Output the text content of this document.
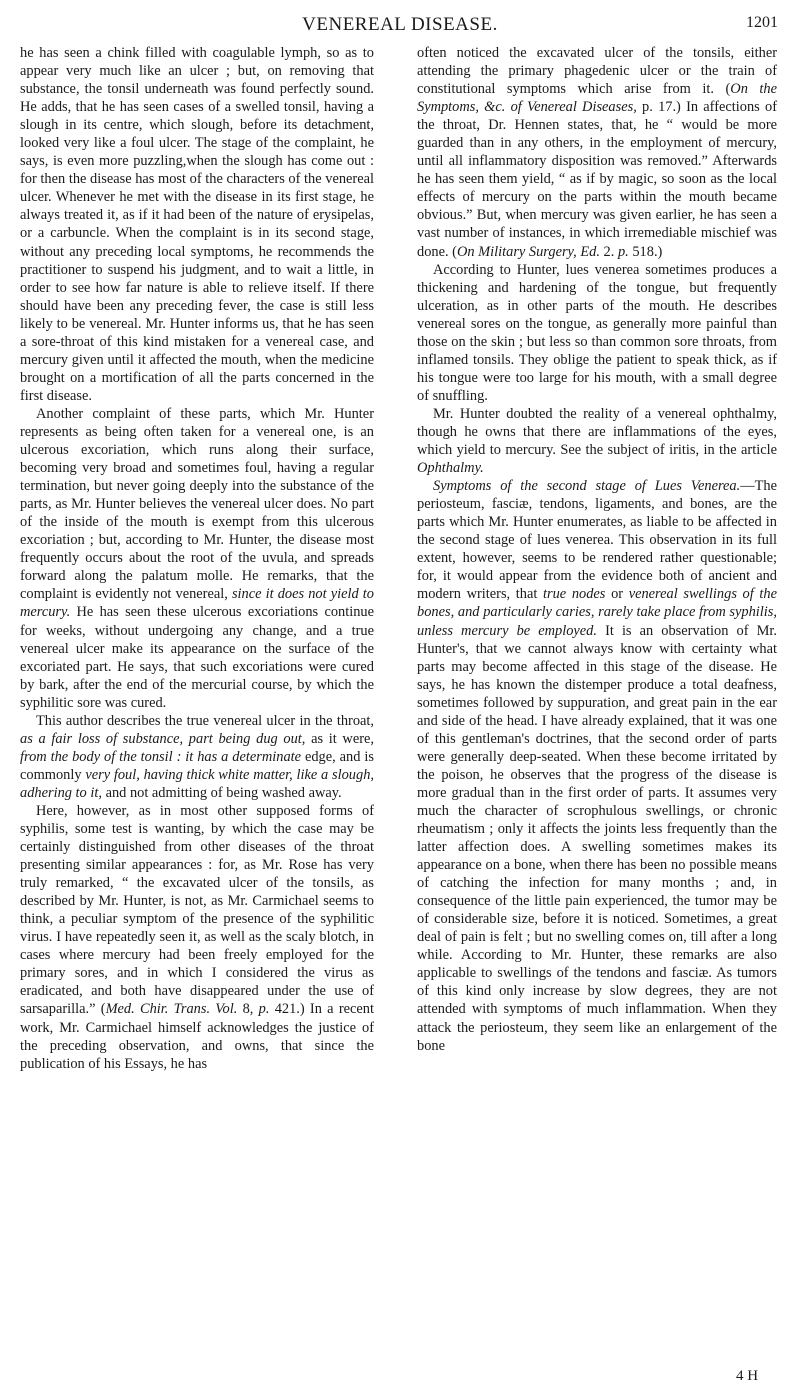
VENEREAL DISEASE.	1201

he has seen a chink filled with coagulable lymph, so as to appear very much like an ulcer ; but, on removing that substance, the tonsil underneath was found perfectly sound. He adds, that he has seen cases of a swelled tonsil, having a slough in its centre, which slough, before its detachment, looked very like a foul ulcer. The stage of the complaint, he says, is even more puzzling,when the slough has come out : for then the disease has most of the characters of the venereal ulcer. Whenever he met with the disease in its first stage, he always treated it, as if it had been of the nature of erysipelas, or a carbuncle. When the complaint is in its second stage, without any preceding local symptoms, he recommends the practitioner to suspend his judgment, and to wait a little, in order to see how far nature is able to relieve itself. If there should have been any preceding fever, the case is still less likely to be venereal. Mr. Hunter informs us, that he has seen a sore-throat of this kind mistaken for a venereal case, and mercury given until it affected the mouth, when the medicine brought on a mortification of all the parts concerned in the first disease.

Another complaint of these parts, which Mr. Hunter represents as being often taken for a venereal one, is an ulcerous excoriation, which runs along their surface, becoming very broad and sometimes foul, having a regular termination, but never going deeply into the substance of the parts, as Mr. Hunter believes the venereal ulcer does. No part of the inside of the mouth is exempt from this ulcerous excoriation ; but, according to Mr. Hunter, the disease most frequently occurs about the root of the uvula, and spreads forward along the palatum molle. He remarks, that the complaint is evidently not venereal, since it does not yield to mercury. He has seen these ulcerous excoriations continue for weeks, without undergoing any change, and a true venereal ulcer make its appearance on the surface of the excoriated part. He says, that such excoriations were cured by bark, after the end of the mercurial course, by which the syphilitic sore was cured.

This author describes the true venereal ulcer in the throat, as a fair loss of substance, part being dug out, as it were, from the body of the tonsil : it has a determinate edge, and is commonly very foul, having thick white matter, like a slough, adhering to it, and not admitting of being washed away.

Here, however, as in most other supposed forms of syphilis, some test is wanting, by which the case may be certainly distinguished from other diseases of the throat presenting similar appearances : for, as Mr. Rose has very truly remarked, “ the excavated ulcer of the tonsils, as described by Mr. Hunter, is not, as Mr. Carmichael seems to think, a peculiar symptom of the presence of the syphilitic virus. I have repeatedly seen it, as well as the scaly blotch, in cases where mercury had been freely employed for the primary sores, and in which I considered the virus as eradicated, and both have disappeared under the use of sarsaparilla.” (Med. Chir. Trans. Vol. 8, p. 421.) In a recent work, Mr. Carmichael himself acknowledges the justice of the preceding observation, and owns, that since the publication of his Essays, he has

often noticed the excavated ulcer of the tonsils, either attending the primary phagedenic ulcer or the train of constitutional symptoms which arise from it. (On the Symptoms, &c. of Venereal Diseases, p. 17.) In affections of the throat, Dr. Hennen states, that, he “ would be more guarded than in any others, in the employment of mercury, until all inflammatory disposition was removed.” Afterwards he has seen them yield, “ as if by magic, so soon as the local effects of mercury on the parts within the mouth became obvious.” But, when mercury was given earlier, he has seen a vast number of instances, in which irremediable mischief was done. (On Military Surgery, Ed. 2. p. 518.)

According to Hunter, lues venerea sometimes produces a thickening and hardening of the tongue, but frequently ulceration, as in other parts of the mouth. He describes venereal sores on the tongue, as generally more painful than those on the skin ; but less so than common sore throats, from inflamed tonsils. They oblige the patient to speak thick, as if his tongue were too large for his mouth, with a small degree of snuffling.

Mr. Hunter doubted the reality of a venereal ophthalmy, though he owns that there are inflammations of the eyes, which yield to mercury. See the subject of iritis, in the article Ophthalmy.

Symptoms of the second stage of Lues Venerea.—The periosteum, fasciæ, tendons, ligaments, and bones, are the parts which Mr. Hunter enumerates, as liable to be affected in the second stage of lues venerea. This observation in its full extent, however, seems to be rendered rather questionable; for, it would appear from the evidence both of ancient and modern writers, that true nodes or venereal swellings of the bones, and particularly caries, rarely take place from syphilis, unless mercury be employed. It is an observation of Mr. Hunter's, that we cannot always know with certainty what parts may become affected in this stage of the disease. He says, he has known the distemper produce a total deafness, sometimes followed by suppuration, and great pain in the ear and side of the head. I have already explained, that it was one of this gentleman's doctrines, that the second order of parts were generally deep-seated. When these become irritated by the poison, he observes that the progress of the disease is more gradual than in the first order of parts. It assumes very much the character of scrophulous swellings, or chronic rheumatism ; only it affects the joints less frequently than the latter affection does. A swelling sometimes makes its appearance on a bone, when there has been no possible means of catching the infection for many months ; and, in consequence of the little pain experienced, the tumor may be of considerable size, before it is noticed. Sometimes, a great deal of pain is felt ; but no swelling comes on, till after a long while. According to Mr. Hunter, these remarks are also applicable to swellings of the tendons and fasciæ. As tumors of this kind only increase by slow degrees, they are not attended with symptoms of much inflammation. When they attack the periosteum, they seem like an enlargement of the bone

4 H
